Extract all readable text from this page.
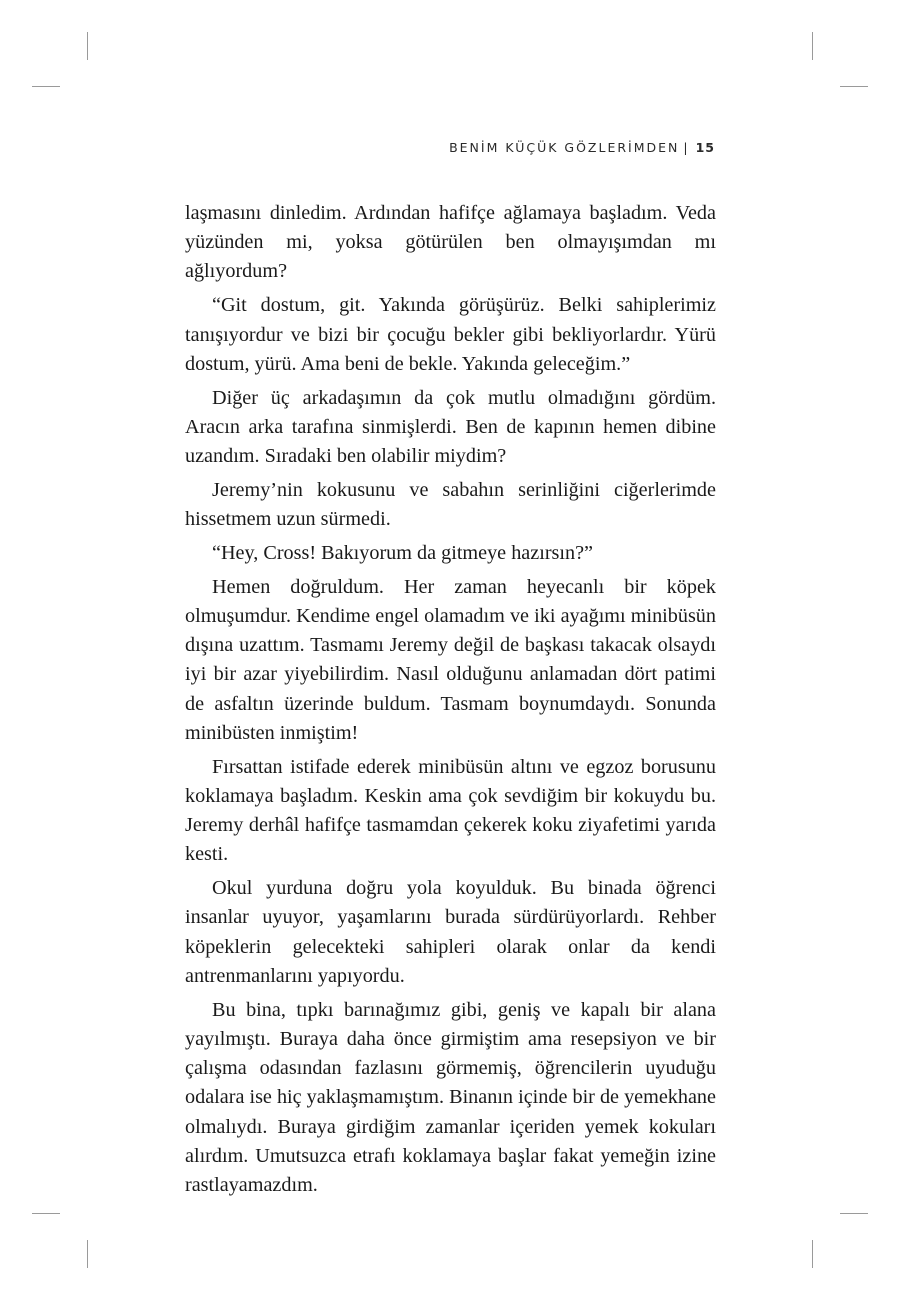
BENİM KÜÇÜK GÖZLERİMDEN | 15

laşmasını dinledim. Ardından hafifçe ağlamaya başladım. Veda yüzünden mi, yoksa götürülen ben olmayışımdan mı ağlıyordum?

“Git dostum, git. Yakında görüşürüz. Belki sahiplerimiz tanışıyordur ve bizi bir çocuğu bekler gibi bekliyorlardır. Yürü dostum, yürü. Ama beni de bekle. Yakında geleceğim.”

Diğer üç arkadaşımın da çok mutlu olmadığını gördüm. Aracın arka tarafına sinmişlerdi. Ben de kapının hemen dibine uzandım. Sıradaki ben olabilir miydim?

Jeremy’nin kokusunu ve sabahın serinliğini ciğerlerimde hissetmem uzun sürmedi.

“Hey, Cross! Bakıyorum da gitmeye hazırsın?”

Hemen doğruldum. Her zaman heyecanlı bir köpek olmuşumdur. Kendime engel olamadım ve iki ayağımı minibüsün dışına uzattım. Tasmamı Jeremy değil de başkası takacak olsaydı iyi bir azar yiyebilirdim. Nasıl olduğunu anlamadan dört patimi de asfaltın üzerinde buldum. Tasmam boynumdaydı. Sonunda minibüsten inmiştim!

Fırsattan istifade ederek minibüsün altını ve egzoz borusunu koklamaya başladım. Keskin ama çok sevdiğim bir kokuydu bu. Jeremy derhâl hafifçe tasmamdan çekerek koku ziyafetimi yarıda kesti.

Okul yurduna doğru yola koyulduk. Bu binada öğrenci insanlar uyuyor, yaşamlarını burada sürdürüyorlardı. Rehber köpeklerin gelecekteki sahipleri olarak onlar da kendi antrenmanlarını yapıyordu.

Bu bina, tıpkı barınağımız gibi, geniş ve kapalı bir alana yayılmıştı. Buraya daha önce girmiştim ama resepsiyon ve bir çalışma odasından fazlasını görmemiş, öğrencilerin uyuduğu odalara ise hiç yaklaşmamıştım. Binanın içinde bir de yemekhane olmalıydı. Buraya girdiğim zamanlar içeriden yemek kokuları alırdım. Umutsuzca etrafı koklamaya başlar fakat yemeğin izine rastlayamazdım.
